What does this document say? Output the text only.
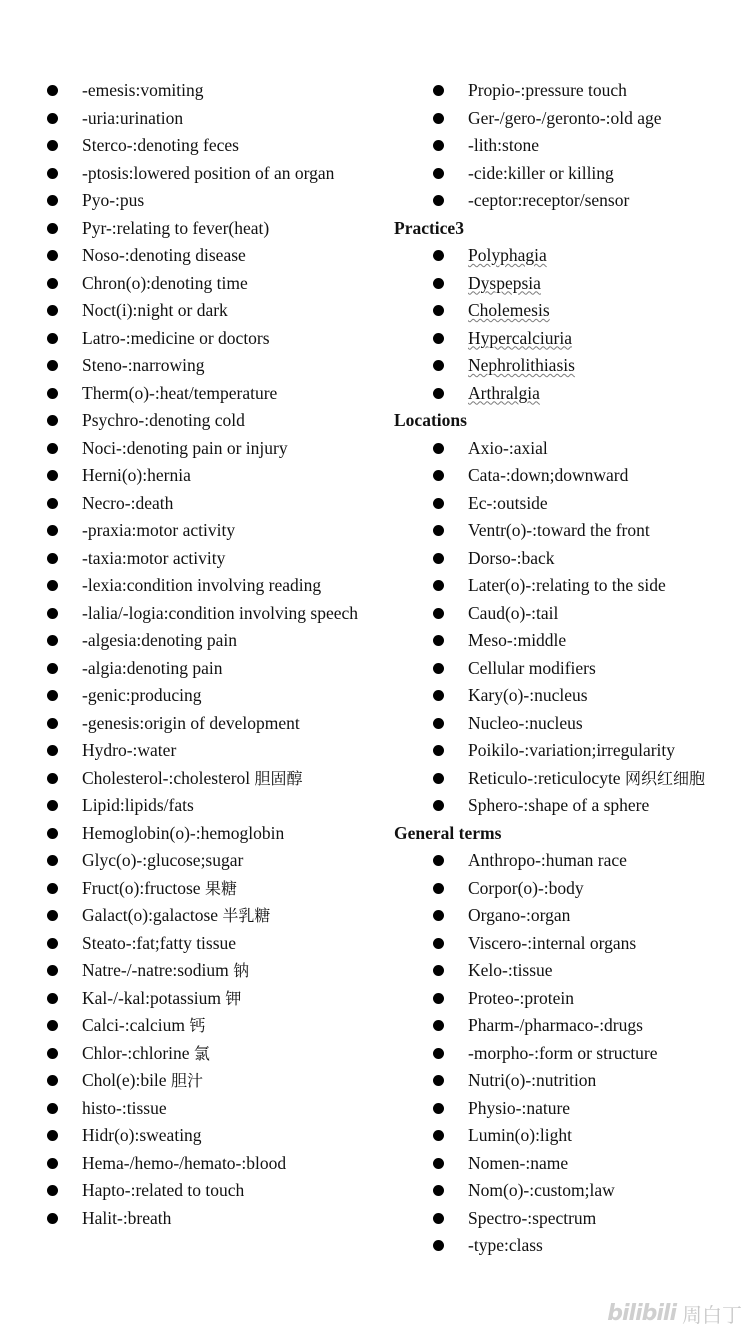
-emesis:vomiting
-uria:urination
Sterco-:denoting feces
-ptosis:lowered position of an organ
Pyo-:pus
Pyr-:relating to fever(heat)
Noso-:denoting disease
Chron(o):denoting time
Noct(i):night or dark
Latro-:medicine or doctors
Steno-:narrowing
Therm(o)-:heat/temperature
Psychro-:denoting cold
Noci-:denoting pain or injury
Herni(o):hernia
Necro-:death
-praxia:motor activity
-taxia:motor activity
-lexia:condition involving reading
-lalia/-logia:condition involving speech
-algesia:denoting pain
-algia:denoting pain
-genic:producing
-genesis:origin of development
Hydro-:water
Cholesterol-:cholesterol 胆固醇
Lipid:lipids/fats
Hemoglobin(o)-:hemoglobin
Glyc(o)-:glucose;sugar
Fruct(o):fructose 果糖
Galact(o):galactose 半乳糖
Steato-:fat;fatty tissue
Natre-/-natre:sodium 钠
Kal-/-kal:potassium 钾
Calci-:calcium 钙
Chlor-:chlorine 氯
Chol(e):bile 胆汁
histo-:tissue
Hidr(o):sweating
Hema-/hemo-/hemato-:blood
Hapto-:related to touch
Halit-:breath
Propio-:pressure touch
Ger-/gero-/geronto-:old age
-lith:stone
-cide:killer or killing
-ceptor:receptor/sensor
Practice3
Polyphagia
Dyspepsia
Cholemesis
Hypercalciuria
Nephrolithiasis
Arthralgia
Locations
Axio-:axial
Cata-:down;downward
Ec-:outside
Ventr(o)-:toward the front
Dorso-:back
Later(o)-:relating to the side
Caud(o)-:tail
Meso-:middle
Cellular modifiers
Kary(o)-:nucleus
Nucleo-:nucleus
Poikilo-:variation;irregularity
Reticulo-:reticulocyte 网织红细胞
Sphero-:shape of a sphere
General terms
Anthropo-:human race
Corpor(o)-:body
Organo-:organ
Viscero-:internal organs
Kelo-:tissue
Proteo-:protein
Pharm-/pharmaco-:drugs
-morpho-:form or structure
Nutri(o)-:nutrition
Physio-:nature
Lumin(o):light
Nomen-:name
Nom(o)-:custom;law
Spectro-:spectrum
-type:class
bilibili 周白丁
